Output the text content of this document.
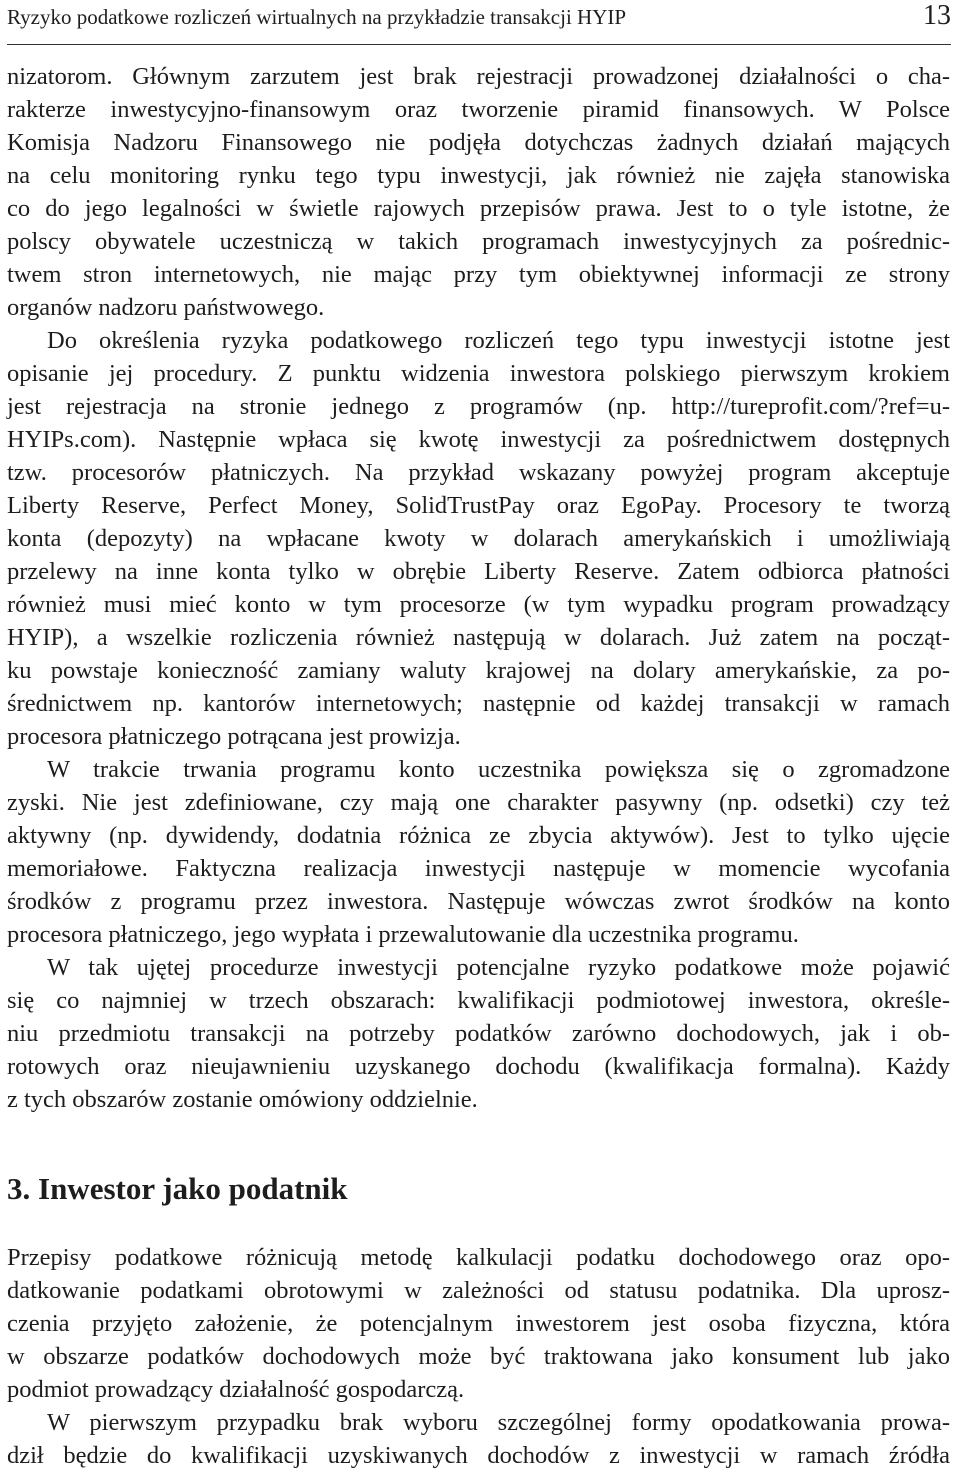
Ryzyko podatkowe rozliczeń wirtualnych na przykładzie transakcji HYIP	13
nizatorom. Głównym zarzutem jest brak rejestracji prowadzonej działalności o cha-
rakterze inwestycyjno-finansowym oraz tworzenie piramid finansowych. W Polsce
Komisja Nadzoru Finansowego nie podjęła dotychczas żadnych działań mających
na celu monitoring rynku tego typu inwestycji, jak również nie zajęła stanowiska
co do jego legalności w świetle rajowych przepisów prawa. Jest to o tyle istotne, że
polscy obywatele uczestniczą w takich programach inwestycyjnych za pośrednic-
twem stron internetowych, nie mając przy tym obiektywnej informacji ze strony
organów nadzoru państwowego.
Do określenia ryzyka podatkowego rozliczeń tego typu inwestycji istotne jest
opisanie jej procedury. Z punktu widzenia inwestora polskiego pierwszym krokiem
jest rejestracja na stronie jednego z programów (np. http://tureprofit.com/?ref=u-
HYIPs.com). Następnie wpłaca się kwotę inwestycji za pośrednictwem dostępnych
tzw. procesorów płatniczych. Na przykład wskazany powyżej program akceptuje
Liberty Reserve, Perfect Money, SolidTrustPay oraz EgoPay. Procesory te tworzą
konta (depozyty) na wpłacane kwoty w dolarach amerykańskich i umożliwiają
przelewy na inne konta tylko w obrębie Liberty Reserve. Zatem odbiorca płatności
również musi mieć konto w tym procesorze (w tym wypadku program prowadzący
HYIP), a wszelkie rozliczenia również następują w dolarach. Już zatem na począt-
ku powstaje konieczność zamiany waluty krajowej na dolary amerykańskie, za po-
średnictwem np. kantorów internetowych; następnie od każdej transakcji w ramach
procesora płatniczego potrącana jest prowizja.
W trakcie trwania programu konto uczestnika powiększa się o zgromadzone
zyski. Nie jest zdefiniowane, czy mają one charakter pasywny (np. odsetki) czy też
aktywny (np. dywidendy, dodatnia różnica ze zbycia aktywów). Jest to tylko ujęcie
memoriałowe. Faktyczna realizacja inwestycji następuje w momencie wycofania
środków z programu przez inwestora. Następuje wówczas zwrot środków na konto
procesora płatniczego, jego wypłata i przewalutowanie dla uczestnika programu.
W tak ujętej procedurze inwestycji potencjalne ryzyko podatkowe może pojawić
się co najmniej w trzech obszarach: kwalifikacji podmiotowej inwestora, określe-
niu przedmiotu transakcji na potrzeby podatków zarówno dochodowych, jak i ob-
rotowych oraz nieujawnieniu uzyskanego dochodu (kwalifikacja formalna). Każdy
z tych obszarów zostanie omówiony oddzielnie.
3. Inwestor jako podatnik
Przepisy podatkowe różnicują metodę kalkulacji podatku dochodowego oraz opo-
datkowanie podatkami obrotowymi w zależności od statusu podatnika. Dla uprosz-
czenia przyjęto założenie, że potencjalnym inwestorem jest osoba fizyczna, która
w obszarze podatków dochodowych może być traktowana jako konsument lub jako
podmiot prowadzący działalność gospodarczą.
W pierwszym przypadku brak wyboru szczególnej formy opodatkowania prowa-
dził będzie do kwalifikacji uzyskiwanych dochodów z inwestycji w ramach źródła
